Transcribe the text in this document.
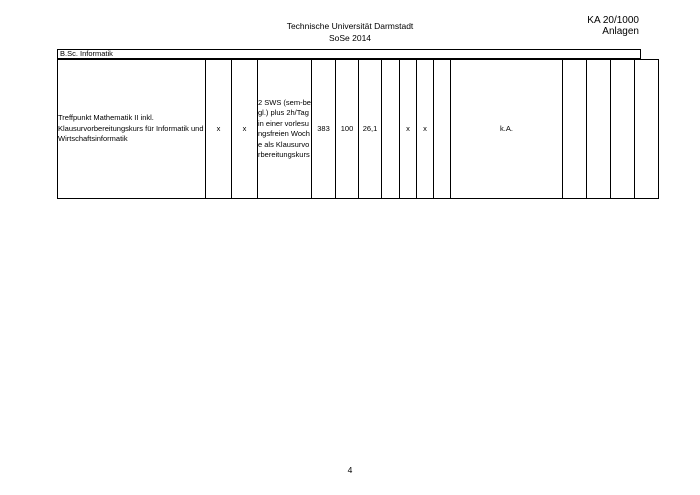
Technische Universität Darmstadt
SoSe 2014
KA 20/1000
Anlagen
B.Sc. Informatik
Treffpunkt Mathematik II inkl. Klausurvorbereitungskurs für Informatik und Wirtschaftsinformatik	x	x	2 SWS (sem-begl.) plus 2h/Tag in einer vorlesungsfreien Woche als Klausurvorbereitungskurs	383	100	26,1		x	x		k.A.				
4
